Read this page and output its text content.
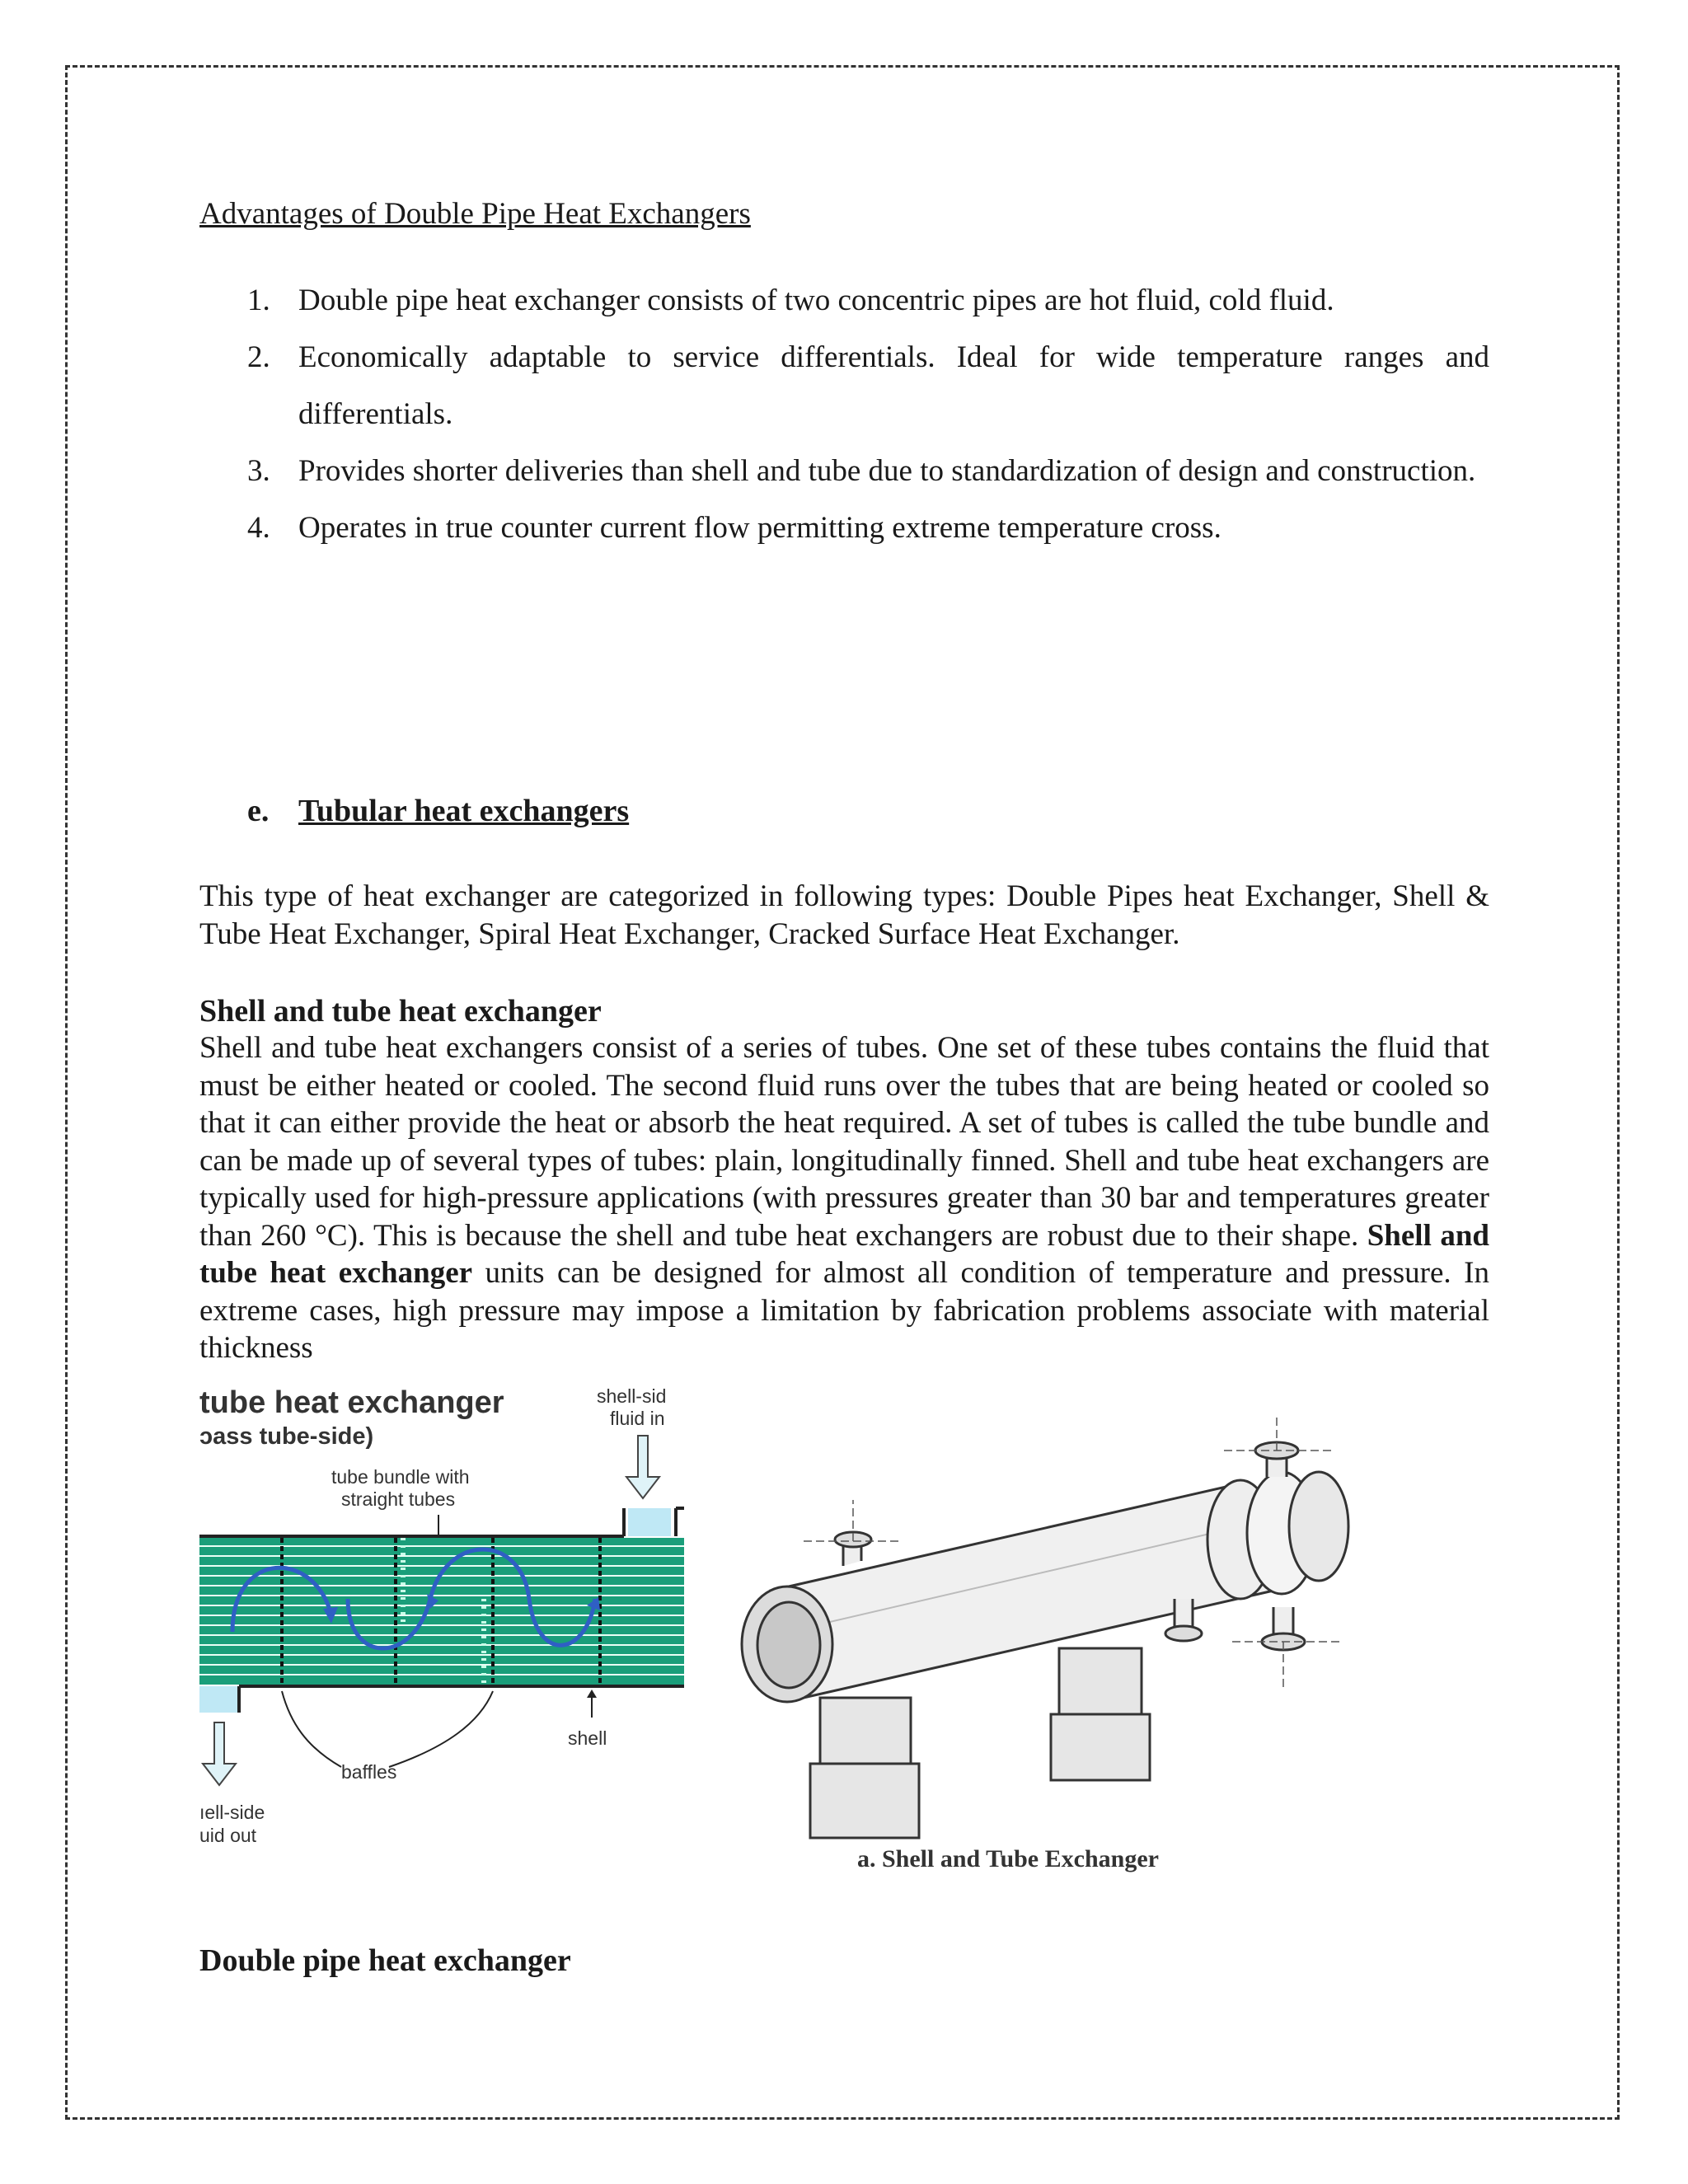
Advantages of Double Pipe Heat Exchangers
1. Double pipe heat exchanger consists of two concentric pipes are hot fluid, cold fluid.
2. Economically adaptable to service differentials. Ideal for wide temperature ranges and differentials.
3. Provides shorter deliveries than shell and tube due to standardization of design and construction.
4. Operates in true counter current flow permitting extreme temperature cross.
e. Tubular heat exchangers

This type of heat exchanger are categorized in following types: Double Pipes heat Exchanger, Shell & Tube Heat Exchanger, Spiral Heat Exchanger, Cracked Surface Heat Exchanger.

Shell and tube heat exchanger

Shell and tube heat exchangers consist of a series of tubes. One set of these tubes contains the fluid that must be either heated or cooled. The second fluid runs over the tubes that are being heated or cooled so that it can either provide the heat or absorb the heat required. A set of tubes is called the tube bundle and can be made up of several types of tubes: plain, longitudinally finned. Shell and tube heat exchangers are typically used for high-pressure applications (with pressures greater than 30 bar and temperatures greater than 260 °C). This is because the shell and tube heat exchangers are robust due to their shape. Shell and tube heat exchanger units can be designed for almost all condition of temperature and pressure. In extreme cases, high pressure may impose a limitation by fabrication problems associate with material thickness

Double pipe heat exchanger
tube heat exchanger
ɔass tube-side)
shell-sid
fluid in
tube bundle with
straight tubes
ıell-side
uid out
shell
baffles
a. Shell and Tube Exchanger
